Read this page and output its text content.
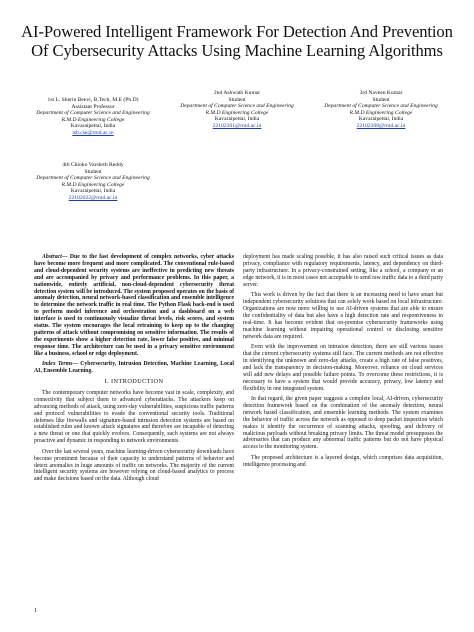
AI-Powered Intelligent Framework For Detection And Prevention Of Cybersecurity Attacks Using Machine Learning Algorithms
1st L. Sherin Beevi, B.Tech, M.E (Ph.D)
Assistant Professor
Department of Computer Science and Engineering
R.M.D Engineering College
Kavaraipettai, India
lsb.cse@rmd.ac.in
2nd Ashwath Kumar
Student
Department of Computer Science and Engineering
R.M.D Engineering College
Kavaraipettai, India
22102301@rmd.ac.in
3rd Naveen Kumar
Student
Department of Computer Science and Engineering
R.M.D Engineering College
Kavaraipettai, India
22102308@rmd.ac.in
4th Chloko Varshrth Reddy
Student
Department of Computer Science and Engineering
R.M.D Engineering College
Kavaraipettai, India
22102022@rmd.ac.in

Abstract— Due to the fast development of complex networks, cyber attacks have become more frequent and more complicated. The conventional rule-based and cloud-dependent security systems are ineffective in predicting new threats and are accompanied by privacy and performance problems. In this paper, a nationwide, entirely artificial, non-cloud-dependent cybersecurity threat detection system will be introduced. The system proposed operates on the basis of anomaly detection, neural network-based classification and ensemble intelligence to determine the network traffic in real time. The Python Flask back-end is used to perform model inference and orchestration and a dashboard on a web interface is used to continuously visualize threat levels, risk scores, and system status. The system encourages the local retraining to keep up to the changing patterns of attack without compromising on sensitive information. The results of the experiments show a higher detection rate, lower false positive, and minimal response time. The architecture can be used in a privacy sensitive environment like a business, school or edge deployment.

Index Terms— Cybersecurity, Intrusion Detection, Machine Learning, Local AI, Ensemble Learning.

I. INTRODUCTION

The contemporary computer networks have become vast in scale, complexity, and connectivity that subject them to advanced cyberattacks. The attackers keep on advancing methods of attack, using zero-day vulnerabilities, suspicious traffic patterns and protocol vulnerabilities to evade the conventional security tools. Traditional defenses like firewalls and signature-based intrusion detection systems are based on established rules and known attack signatures and therefore are incapable of detecting a new threat or one that quickly evolves. Consequently, such systems are not always proactive and dynamic in responding to network environments.

Over the last several years, machine learning-driven cybersecurity downloads have become prominent because of their capacity to understand patterns of behavior and detect anomalies in huge amounts of traffic on networks. The majority of the current intelligent security systems are however relying on cloud-based analytics to process and make decisions based on the data. Although cloud

deployment has made scaling possible, it has also raised such critical issues as data privacy, compliance with regulatory requirements, latency, and dependency on third-party infrastructure. In a privacy-constrained setting, like a school, a company or an edge network, it is in most cases not acceptable to send raw traffic data to a third party server.

This work is driven by the fact that there is an increasing need to have smart but independent cybersecurity solutions that can solely work based on local infrastructure. Organizations are now more willing to use AI-driven systems that are able to ensure the confidentiality of data but also have a high detection rate and responsiveness in real-time. It has become evident that on-premise cybersecurity frameworks using machine learning without impairing operational control or disclosing sensitive network data are required.

Even with the improvement on intrusion detection, there are still various issues that the current cybersecurity systems still face. The current methods are not effective in identifying the unknown and zero-day attacks, create a high rate of false positives, and lack the transparency in decision-making. Moreover, reliance on cloud services will add new delays and possible failure points. To overcome these restrictions, it is necessary to have a system that would provide accuracy, privacy, low latency and flexibility in one integrated system.

In that regard, the given paper suggests a complete local, AI-driven, cybersecurity detection framework based on the combination of the anomaly detection, neural network based classification, and ensemble learning methods. The system examines the behavior of traffic across the network as opposed to deep packet inspection which makes it identify the occurrence of scanning attacks, spoofing, and delivery of malicious payloads without breaking privacy limits. The threat model presupposes the adversaries that can produce any abnormal traffic patterns but do not have physical access to the monitoring system.

The proposed architecture is a layered design, which comprises data acquisition, intelligence processing and

1
